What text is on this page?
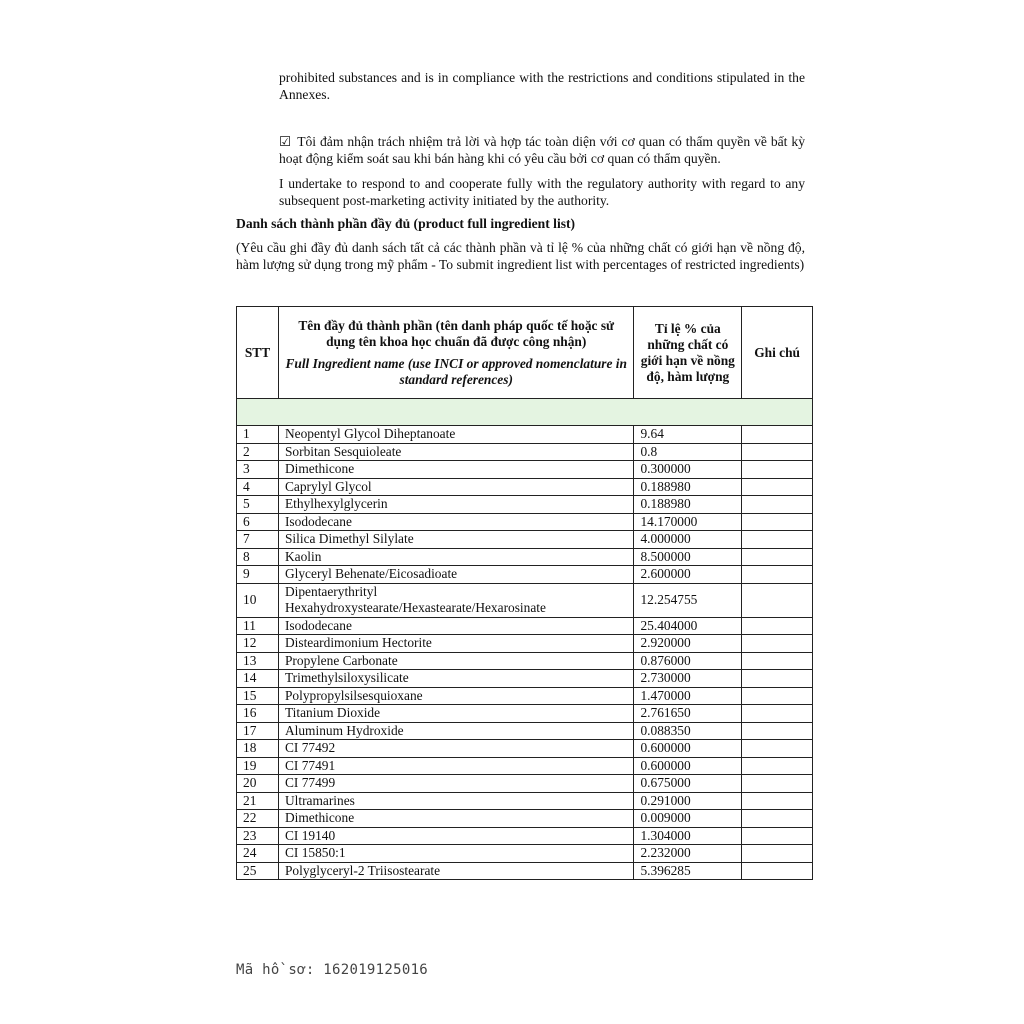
prohibited substances and is in compliance with the restrictions and conditions stipulated in the Annexes.

☑ Tôi đảm nhận trách nhiệm trả lời và hợp tác toàn diện với cơ quan có thẩm quyền về bất kỳ hoạt động kiểm soát sau khi bán hàng khi có yêu cầu bởi cơ quan có thẩm quyền.

I undertake to respond to and cooperate fully with the regulatory authority with regard to any subsequent post-marketing activity initiated by the authority.

Danh sách thành phần đầy đủ (product full ingredient list)

(Yêu cầu ghi đầy đủ danh sách tất cả các thành phần và tỉ lệ % của những chất có giới hạn về nồng độ, hàm lượng sử dụng trong mỹ phẩm - To submit ingredient list with percentages of restricted ingredients)

STT	Tên đầy đủ thành phần (tên danh pháp quốc tế hoặc sử dụng tên khoa học chuẩn đã được công nhận)
Full Ingredient name (use INCI or approved nomenclature in standard references)	Tỉ lệ % của những chất có giới hạn về nồng độ, hàm lượng	Ghi chú

1	Neopentyl Glycol Diheptanoate	9.64	
2	Sorbitan Sesquioleate	0.8	
3	Dimethicone	0.300000	
4	Caprylyl Glycol	0.188980	
5	Ethylhexylglycerin	0.188980	
6	Isododecane	14.170000	
7	Silica Dimethyl Silylate	4.000000	
8	Kaolin	8.500000	
9	Glyceryl Behenate/Eicosadioate	2.600000	
10	Dipentaerythrityl Hexahydroxystearate/Hexastearate/Hexarosinate	12.254755	
11	Isododecane	25.404000	
12	Disteardimonium Hectorite	2.920000	
13	Propylene Carbonate	0.876000	
14	Trimethylsiloxysilicate	2.730000	
15	Polypropylsilsesquioxane	1.470000	
16	Titanium Dioxide	2.761650	
17	Aluminum Hydroxide	0.088350	
18	CI 77492	0.600000	
19	CI 77491	0.600000	
20	CI 77499	0.675000	
21	Ultramarines	0.291000	
22	Dimethicone	0.009000	
23	CI 19140	1.304000	
24	CI 15850:1	2.232000	
25	Polyglyceryl-2 Triisostearate	5.396285	
Mã hồ sơ: 162019125016
